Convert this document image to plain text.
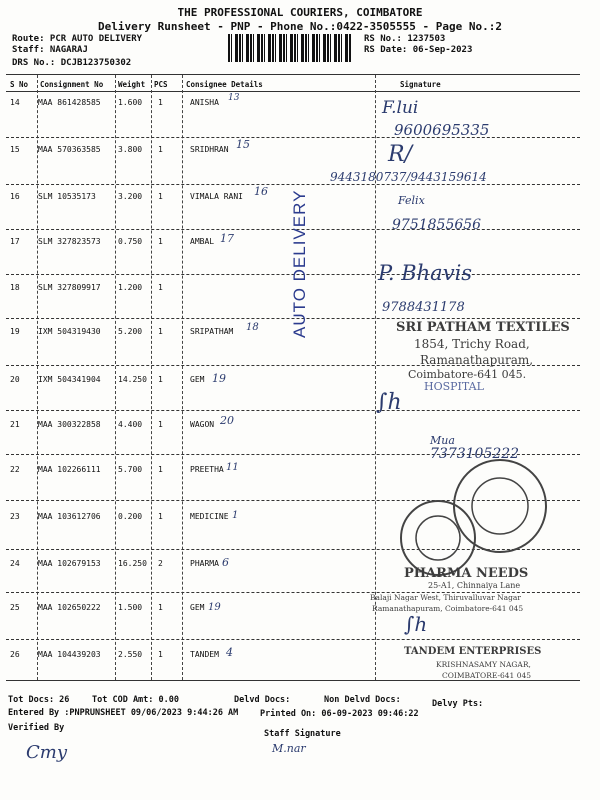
THE PROFESSIONAL COURIERS, COIMBATORE
Delivery Runsheet - PNP - Phone No.:0422-3505555 - Page No.:2
Route: PCR AUTO DELIVERY
Staff: NAGARAJ
DRS No.: DCJB123750302
RS No.: 1237503
RS Date: 06-Sep-2023
S No Consignment No Weight PCS Consignee Details	Signature
14 MAA 861428585 1.600 1	ANISHA 13
15 MAA 570363585 3.800 1	SRIDHRAN 15
16 SLM 10535173	3.200 1	VIMALA RANI 16
17 SLM 327823573 0.750 1	AMBAL 17
18 SLM 327809917 1.200 1
19 IXM 504319430 5.200 1	SRIPATHAM 18
20 IXM 504341904 14.250 1	GEM 19
21 MAA 300322858 4.400 1	WAGON 20
22 MAA 102266111 5.700 1	PREETHA 11
23 MAA 103612706 0.200 1	MEDICINE 1
24 MAA 102679153 16.250 2	PHARMA 6
25 MAA 102650222 1.500 1	GEM 19
26 MAA 104439203 2.550 1	TANDEM 4
F.lui
9600695335
R/‎
9443180737/9443159614
Felix
9751855656
P. Bhavis
9788431178
Mua
7373105222
∫h
∫h
SRI PATHAM TEXTILES
1854, Trichy Road,
Ramanathapuram,
Coimbatore-641 045.
HOSPITAL
PHARMA NEEDS
25-A1, Chinnaiya Lane
Balaji Nagar West, Thiruvalluvar Nagar
Ramanathapuram, Coimbatore-641 045
TANDEM ENTERPRISES
KRISHNASAMY NAGAR,
COIMBATORE-641 045
AUTO DELIVERY
Tot Docs: 26	Tot COD Amt: 0.00	Delvd Docs:	Non Delvd Docs:	Delvy Pts:
Entered By :PNPRUNSHEET 09/06/2023 9:44:26 AM	Printed On: 06-09-2023 09:46:22
Verified By
Staff Signature
Cmy	M.nar
